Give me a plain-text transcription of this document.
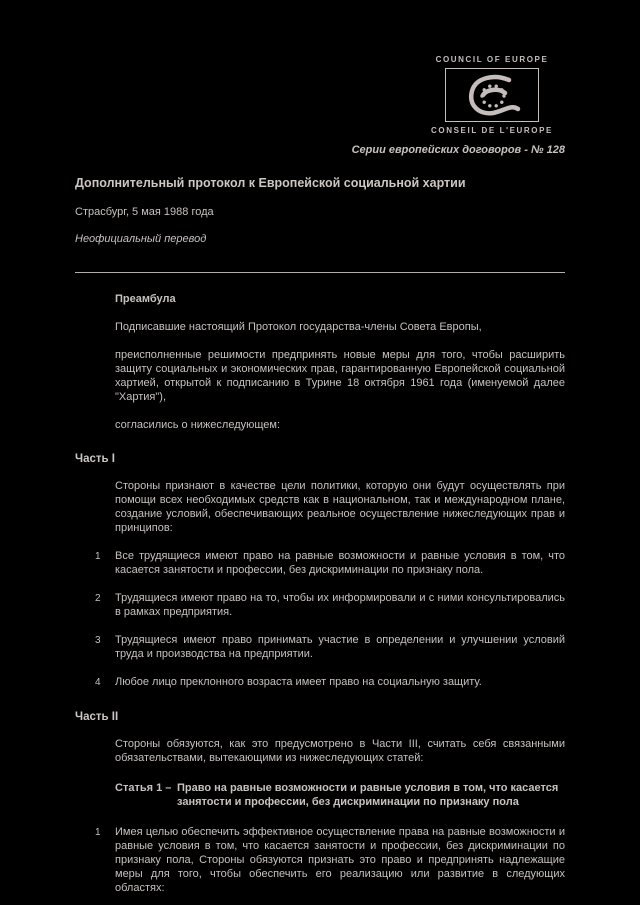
COUNCIL OF EUROPE
CONSEIL DE L'EUROPE
Серии европейских договоров - № 128
Дополнительный протокол к Европейской социальной хартии
Страсбург, 5 мая 1988 года
Неофициальный перевод
Преамбула
Подписавшие настоящий Протокол государства-члены Совета Европы,
преисполненные решимости предпринять новые меры для того, чтобы расширить защиту социальных и экономических прав, гарантированную Европейской социальной хартией, открытой к подписанию в Турине 18 октября 1961 года (именуемой далее "Хартия"),
согласились о нижеследующем:
Часть I
Стороны признают в качестве цели политики, которую они будут осуществлять при помощи всех необходимых средств как в национальном, так и международном плане, создание условий, обеспечивающих реальное осуществление нижеследующих прав и принципов:
1	Все трудящиеся имеют право на равные возможности и равные условия в том, что касается занятости и профессии, без дискриминации по признаку пола.
2	Трудящиеся имеют право на то, чтобы их информировали и с ними консультировались в рамках предприятия.
3	Трудящиеся имеют право принимать участие в определении и улучшении условий труда и производства на предприятии.
4	Любое лицо преклонного возраста имеет право на социальную защиту.
Часть II
Стороны обязуются, как это предусмотрено в Части III, считать себя связанными обязательствами, вытекающими из нижеследующих статей:
Статья 1 – Право на равные возможности и равные условия в том, что касается занятости и профессии, без дискриминации по признаку пола
1	Имея целью обеспечить эффективное осуществление права на равные возможности и равные условия в том, что касается занятости и профессии, без дискриминации по признаку пола, Стороны обязуются признать это право и предпринять надлежащие меры для того, чтобы обеспечить его реализацию или развитие в следующих областях:
